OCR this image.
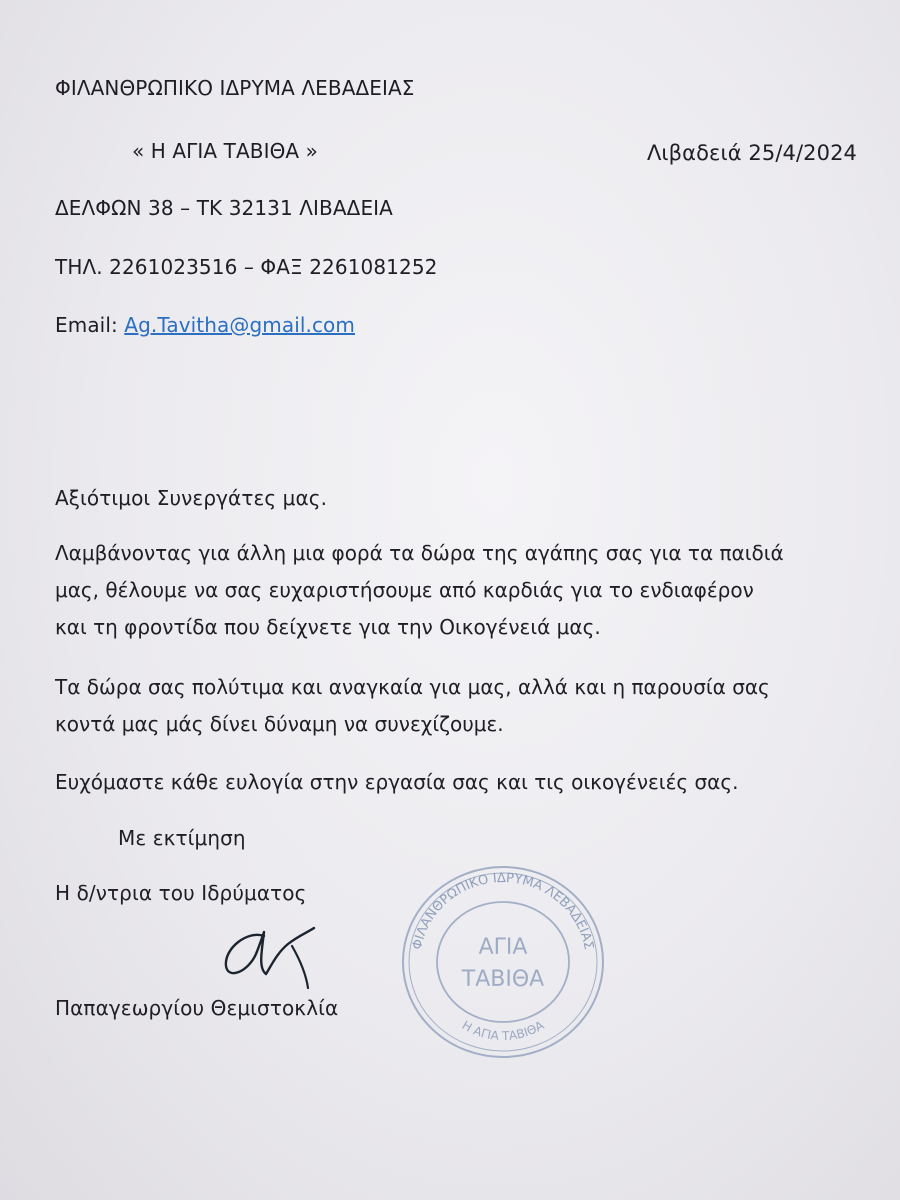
ΦΙΛΑΝΘΡΩΠΙΚΟ ΙΔΡΥΜΑ ΛΕΒΑΔΕΙΑΣ
« Η ΑΓΙΑ ΤΑΒΙΘΑ »	Λιβαδειά 25/4/2024
ΔΕΛΦΩΝ 38 – ΤΚ 32131 ΛΙΒΑΔΕΙΑ
ΤΗΛ. 2261023516 – ΦΑΞ 2261081252
Email: Ag.Tavitha@gmail.com
Αξιότιμοι Συνεργάτες μας.

Λαμβάνοντας για άλλη μια φορά τα δώρα της αγάπης σας για τα παιδιά

μας, θέλουμε να σας ευχαριστήσουμε από καρδιάς για το ενδιαφέρον

και τη φροντίδα που δείχνετε για την Οικογένειά μας.

Τα δώρα σας πολύτιμα και αναγκαία για μας, αλλά και η παρουσία σας

κοντά μας μάς δίνει δύναμη να συνεχίζουμε.

Ευχόμαστε κάθε ευλογία στην εργασία σας και τις οικογένειές σας.

Με εκτίμηση
Η δ/ντρια του Ιδρύματος
Παπαγεωργίου Θεμιστοκλία
ΦΙΛΑΝΘΡΩΠΙΚΟ ΙΔΡΥΜΑ ΛΕΒΑΔΕΙΑΣ
Η ΑΓΙΑ ΤΑΒΙΘΑ
ΑΓΙΑ
ΤΑΒΙΘΑ
